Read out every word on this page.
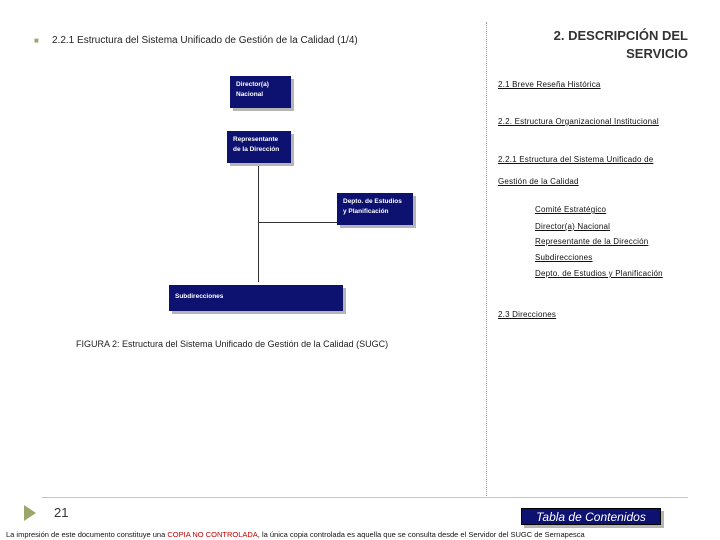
■ 2.2.1 Estructura del Sistema Unificado de Gestión de la Calidad (1/4)	2. DESCRIPCIÓN DEL
SERVICIO
Director(a)
Nacional
Representante
de la Dirección
Depto. de Estudios
y Planificación
Subdirecciones
2.1 Breve Reseña Histórica
2.2. Estructura Organizacional Institucional
2.2.1 Estructura del Sistema Unificado de
Gestión de la Calidad
Comité Estratégico
Director(a) Nacional
Representante de la Dirección
Subdirecciones
Depto. de Estudios y Planificación
2.3 Direcciones
FIGURA 2: Estructura del Sistema Unificado de Gestión de la Calidad (SUGC)
21	Tabla de Contenidos
La impresión de este documento constituye una COPIA NO CONTROLADA, la única copia controlada es aquella que se consulta desde el Servidor del SUGC de Sernapesca
